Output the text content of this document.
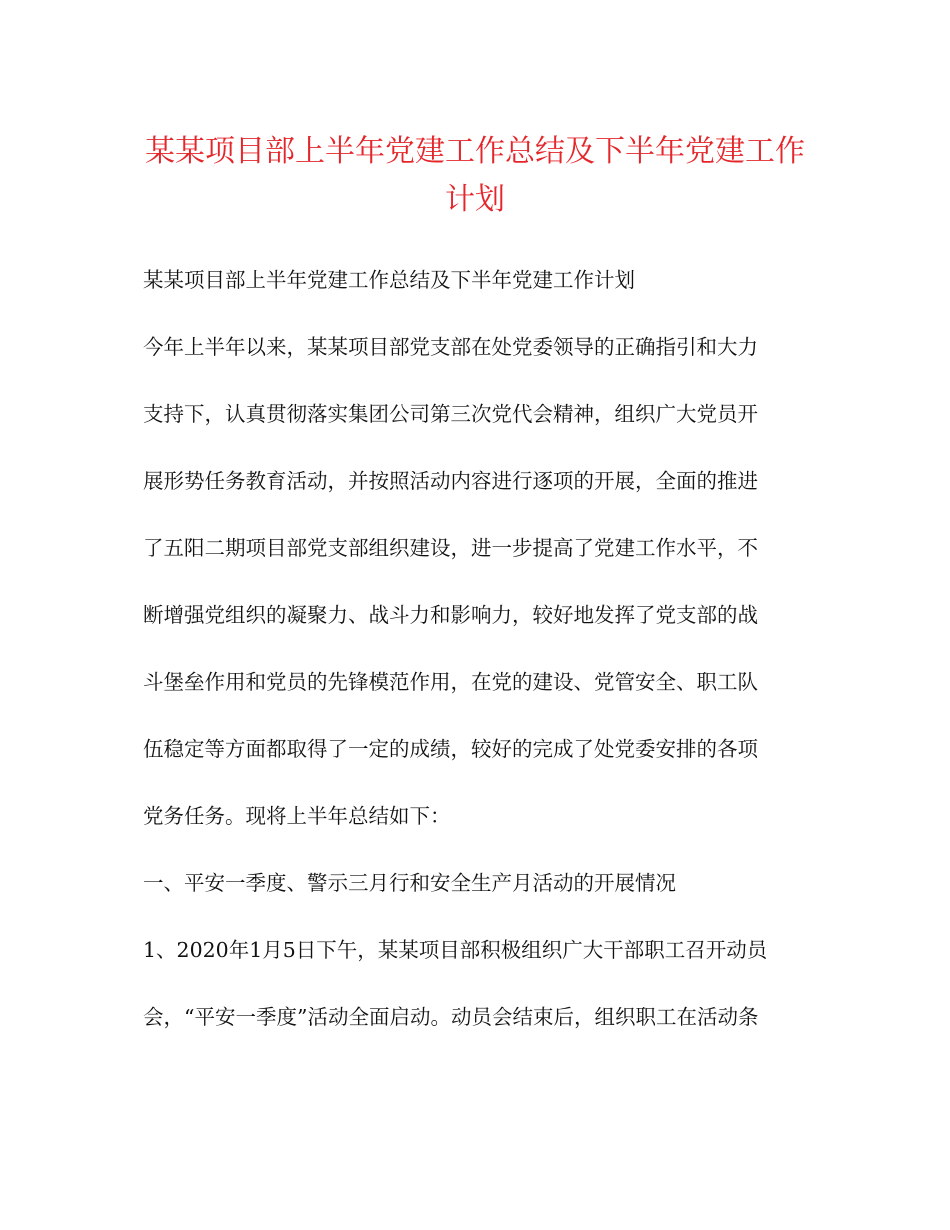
某某项目部上半年党建工作总结及下半年党建工作计划

某某项目部上半年党建工作总结及下半年党建工作计划

今年上半年以来，某某项目部党支部在处党委领导的正确指引和大力

支持下，认真贯彻落实集团公司第三次党代会精神，组织广大党员开

展形势任务教育活动，并按照活动内容进行逐项的开展，全面的推进

了五阳二期项目部党支部组织建设，进一步提高了党建工作水平，不

断增强党组织的凝聚力、战斗力和影响力，较好地发挥了党支部的战

斗堡垒作用和党员的先锋模范作用，在党的建设、党管安全、职工队

伍稳定等方面都取得了一定的成绩，较好的完成了处党委安排的各项

党务任务。现将上半年总结如下：

一、平安一季度、警示三月行和安全生产月活动的开展情况

1、2020年1月5日下午，某某项目部积极组织广大干部职工召开动员

会，“平安一季度”活动全面启动。动员会结束后，组织职工在活动条
